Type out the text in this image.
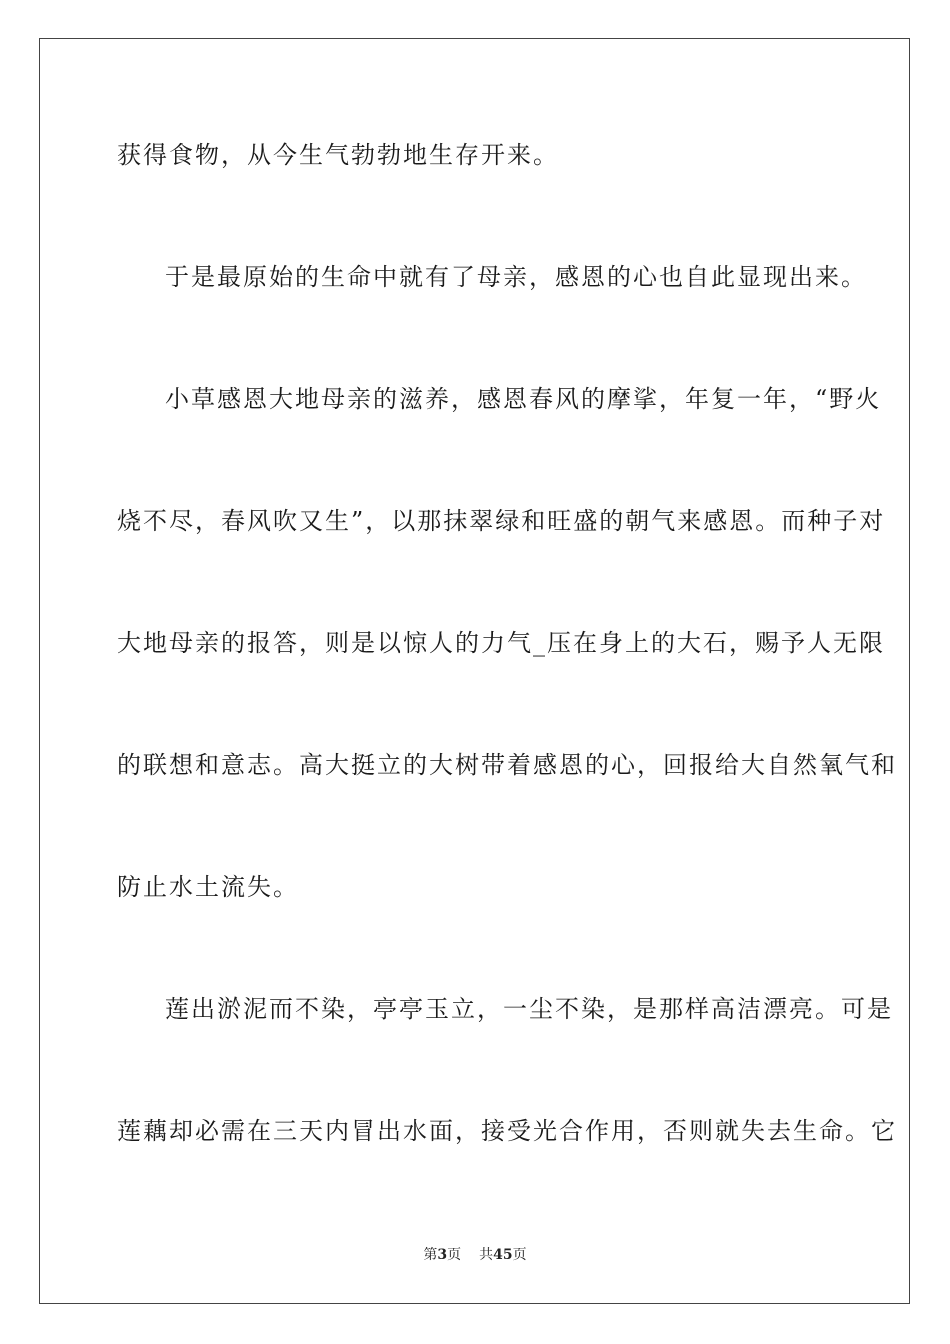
获得食物，从今生气勃勃地生存开来。
于是最原始的生命中就有了母亲，感恩的心也自此显现出来。
小草感恩大地母亲的滋养，感恩春风的摩挲，年复一年，“野火
烧不尽，春风吹又生”，以那抹翠绿和旺盛的朝气来感恩。而种子对
大地母亲的报答，则是以惊人的力气_压在身上的大石，赐予人无限
的联想和意志。高大挺立的大树带着感恩的心，回报给大自然氧气和
防止水土流失。
莲出淤泥而不染，亭亭玉立，一尘不染，是那样高洁漂亮。可是
莲藕却必需在三天内冒出水面，接受光合作用，否则就失去生命。它
第3页 共45页
